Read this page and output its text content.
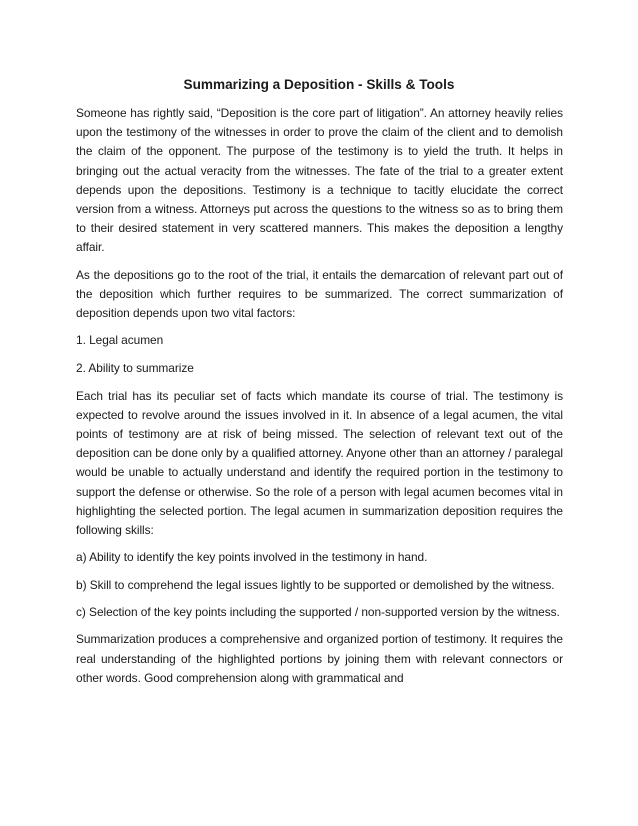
Summarizing a Deposition - Skills & Tools

Someone has rightly said, “Deposition is the core part of litigation”. An attorney heavily relies upon the testimony of the witnesses in order to prove the claim of the client and to demolish the claim of the opponent. The purpose of the testimony is to yield the truth. It helps in bringing out the actual veracity from the witnesses. The fate of the trial to a greater extent depends upon the depositions. Testimony is a technique to tacitly elucidate the correct version from a witness. Attorneys put across the questions to the witness so as to bring them to their desired statement in very scattered manners. This makes the deposition a lengthy affair.

As the depositions go to the root of the trial, it entails the demarcation of relevant part out of the deposition which further requires to be summarized. The correct summarization of deposition depends upon two vital factors:

1. Legal acumen

2. Ability to summarize

Each trial has its peculiar set of facts which mandate its course of trial. The testimony is expected to revolve around the issues involved in it. In absence of a legal acumen, the vital points of testimony are at risk of being missed. The selection of relevant text out of the deposition can be done only by a qualified attorney. Anyone other than an attorney / paralegal would be unable to actually understand and identify the required portion in the testimony to support the defense or otherwise. So the role of a person with legal acumen becomes vital in highlighting the selected portion. The legal acumen in summarization deposition requires the following skills:

a) Ability to identify the key points involved in the testimony in hand.

b) Skill to comprehend the legal issues lightly to be supported or demolished by the witness.

c) Selection of the key points including the supported / non-supported version by the witness.

Summarization produces a comprehensive and organized portion of testimony. It requires the real understanding of the highlighted portions by joining them with relevant connectors or other words. Good comprehension along with grammatical and
